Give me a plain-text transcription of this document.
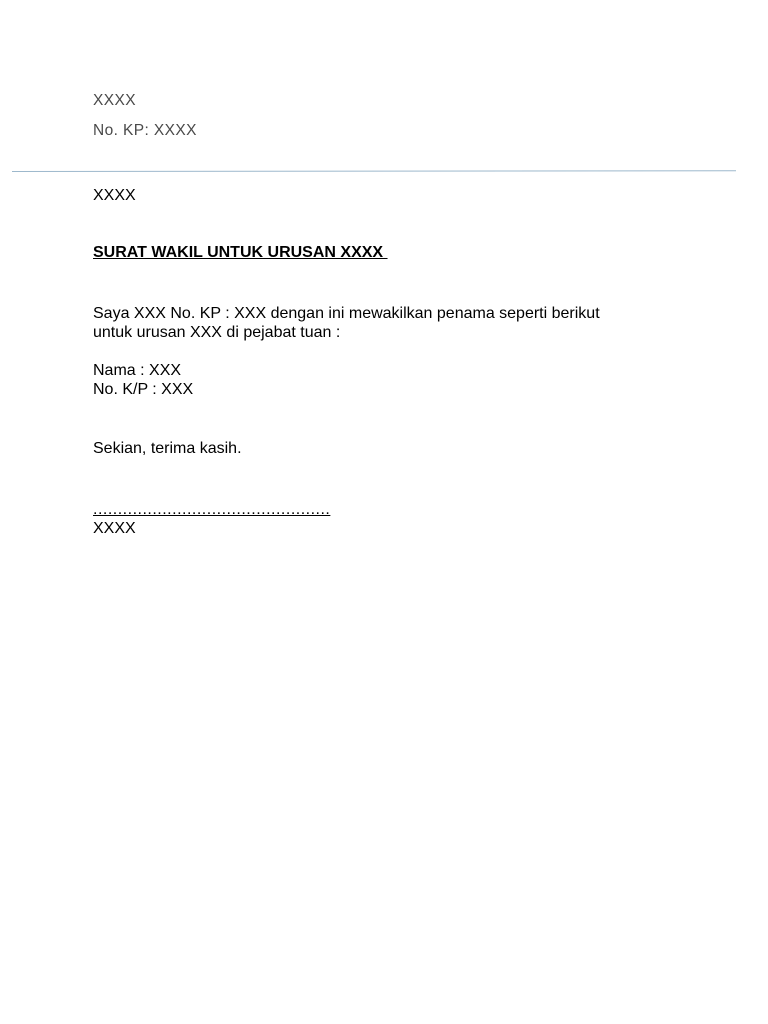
XXXX
No. KP: XXXX
XXXX
SURAT WAKIL UNTUK URUSAN XXXX
Saya XXX No. KP : XXX dengan ini mewakilkan penama seperti berikut
untuk urusan XXX di pejabat tuan :
Nama : XXX
No. K/P : XXX
Sekian, terima kasih.
................................................
XXXX
